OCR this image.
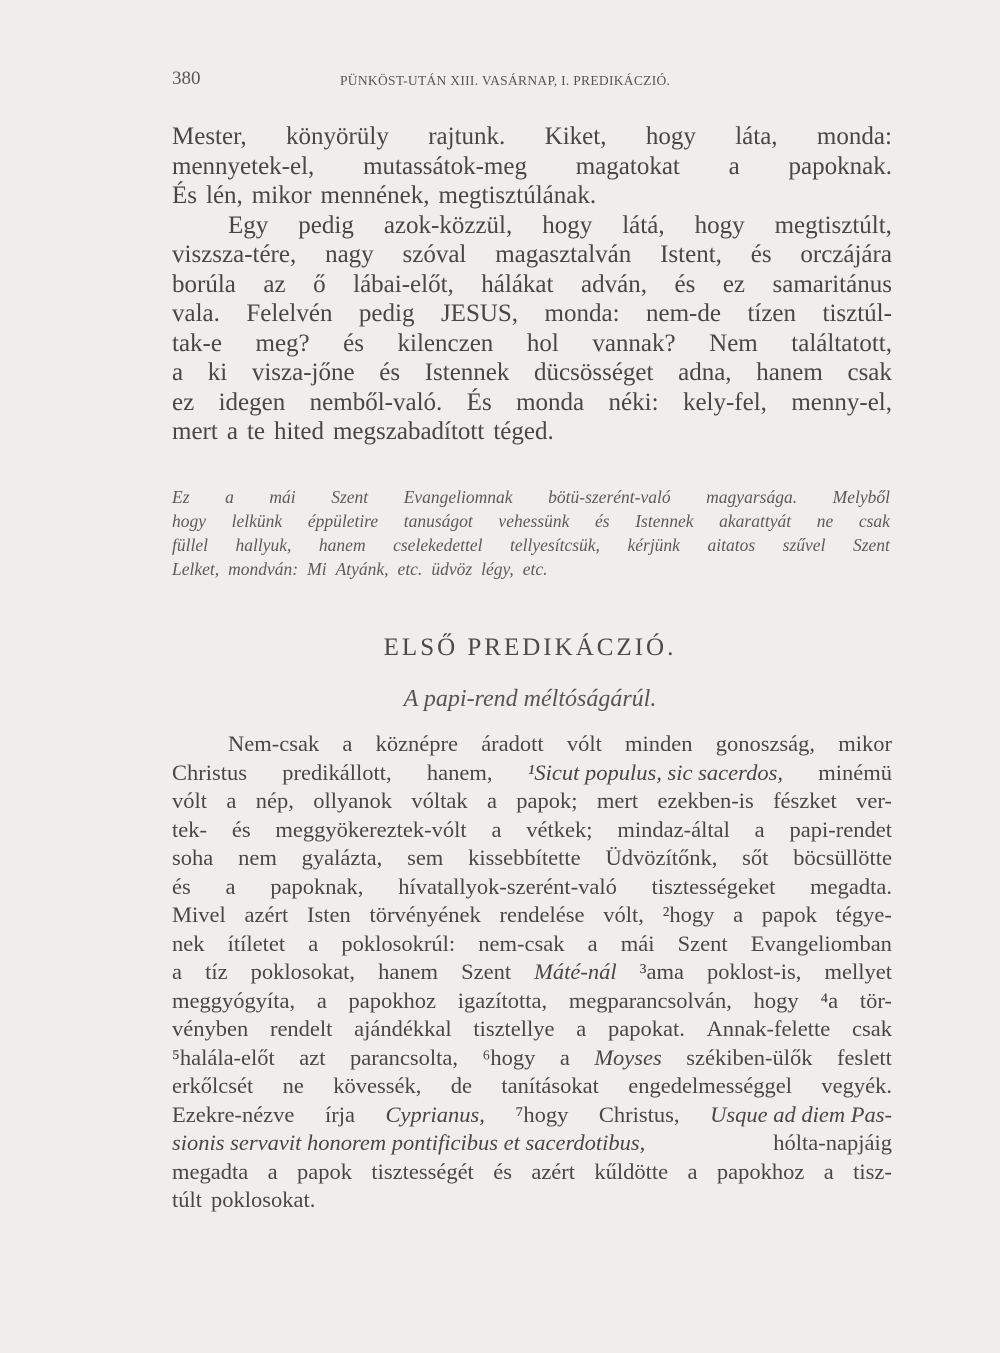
380	PÜNKÖST-UTÁN XIII. VASÁRNAP, I. PREDIKÁCZIÓ.
Mester, könyörüly rajtunk. Kiket, hogy láta, monda:
mennyetek-el, mutassátok-meg magatokat a papoknak.
És lén, mikor mennének, megtisztúlának.
Egy pedig azok-közzül, hogy látá, hogy megtisztúlt,
viszsza-tére, nagy szóval magasztalván Istent, és orczájára
borúla az ő lábai-előt, hálákat adván, és ez samaritánus
vala. Felelvén pedig JESUS, monda: nem-de tízen tisztúl-
tak-e meg? és kilenczen hol vannak? Nem találtatott,
a ki visza-jőne és Istennek dücsösséget adna, hanem csak
ez idegen nemből-való. És monda néki: kely-fel, menny-el,
mert a te hited megszabadított téged.
Ez a mái Szent Evangeliomnak bötü-szerént-való magyarsága. Melyből
hogy lelkünk éppületire tanuságot vehessünk és Istennek akarattyát ne csak
füllel hallyuk, hanem cselekedettel tellyesítcsük, kérjünk aitatos szűvel Szent
Lelket, mondván: Mi Atyánk, etc. üdvöz légy, etc.
ELSŐ PREDIKÁCZIÓ.
A papi-rend méltóságárúl.
Nem-csak a köznépre áradott vólt minden gonoszság, mikor
Christus predikállott, hanem, ¹Sicut populus, sic sacerdos, minémü
vólt a nép, ollyanok vóltak a papok; mert ezekben-is fészket ver-
tek- és meggyökereztek-vólt a vétkek; mindaz-által a papi-rendet
soha nem gyalázta, sem kissebbítette Üdvözítőnk, sőt böcsüllötte
és a papoknak, hívatallyok-szerént-való tisztességeket megadta.
Mivel azért Isten törvényének rendelése vólt, ²hogy a papok tégye-
nek ítíletet a poklosokrúl: nem-csak a mái Szent Evangeliomban
a tíz poklosokat, hanem Szent Máté-nál ³ama poklost-is, mellyet
meggyógyíta, a papokhoz igazította, megparancsolván, hogy ⁴a tör-
vényben rendelt ajándékkal tisztellye a papokat. Annak-felette csak
⁵halála-előt azt parancsolta, ⁶hogy a Moyses székiben-ülők feslett
erkőlcsét ne kövessék, de tanításokat engedelmességgel vegyék.
Ezekre-nézve írja Cyprianus, ⁷hogy Christus, Usque ad diem Pas-
sionis servavit honorem pontificibus et sacerdotibus,	hólta-napjáig
megadta a papok tisztességét és azért kűldötte a papokhoz a tisz-
túlt poklosokat.
